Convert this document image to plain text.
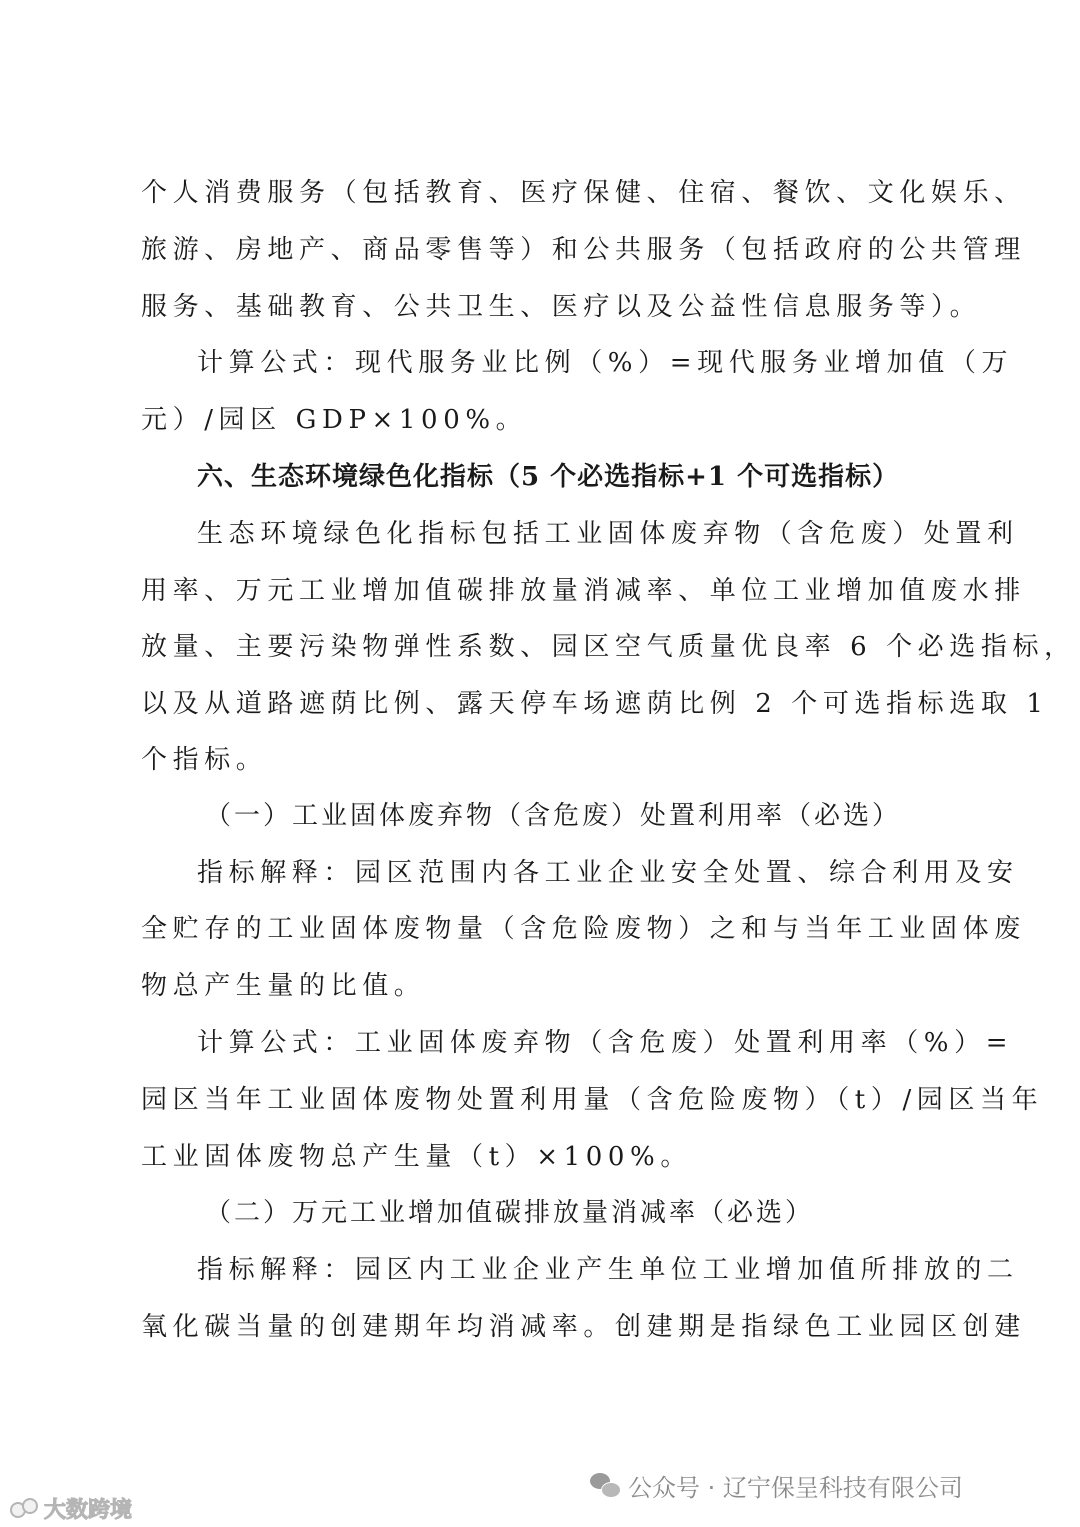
个人消费服务（包括教育、医疗保健、住宿、餐饮、文化娱乐、
旅游、房地产、商品零售等）和公共服务（包括政府的公共管理
服务、基础教育、公共卫生、医疗以及公益性信息服务等）。
计算公式：现代服务业比例（%）=现代服务业增加值（万
元）/园区 GDP×100%。
六、生态环境绿色化指标（5 个必选指标+1 个可选指标）
生态环境绿色化指标包括工业固体废弃物（含危废）处置利
用率、万元工业增加值碳排放量消减率、单位工业增加值废水排
放量、主要污染物弹性系数、园区空气质量优良率 6 个必选指标，
以及从道路遮荫比例、露天停车场遮荫比例 2 个可选指标选取 1
个指标。
（一）工业固体废弃物（含危废）处置利用率（必选）
指标解释：园区范围内各工业企业安全处置、综合利用及安
全贮存的工业固体废物量（含危险废物）之和与当年工业固体废
物总产生量的比值。
计算公式：工业固体废弃物（含危废）处置利用率（%）=
园区当年工业固体废物处置利用量（含危险废物）（t）/园区当年
工业固体废物总产生量（t）×100%。
（二）万元工业增加值碳排放量消减率（必选）
指标解释：园区内工业企业产生单位工业增加值所排放的二
氧化碳当量的创建期年均消减率。创建期是指绿色工业园区创建
公众号 · 辽宁保呈科技有限公司
大数跨境
